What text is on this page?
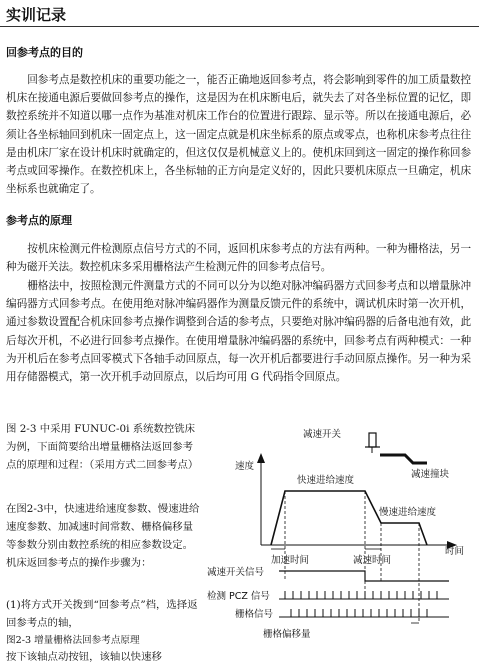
实训记录
回参考点的目的

回参考点是数控机床的重要功能之一，能否正确地返回参考点，将会影响到零件的加工质量数控机床在接通电源后要做回参考点的操作，这是因为在机床断电后，就失去了对各坐标位置的记忆，即数控系统并不知道以哪一点作为基准对机床工作台的位置进行跟踪、显示等。所以在接通电源后，必须让各坐标轴回到机床一固定点上，这一固定点就是机床坐标系的原点或零点，也称机床参考点往往是由机床厂家在设计机床时就确定的，但这仅仅是机械意义上的。使机床回到这一固定的操作称回参考点或回零操作。在数控机床上，各坐标轴的正方向是定义好的，因此只要机床原点一旦确定，机床坐标系也就确定了。

参考点的原理

按机床检测元件检测原点信号方式的不同，返回机床参考点的方法有两种。一种为栅格法，另一种为磁开关法。数控机床多采用栅格法产生检测元件的回参考点信号。

栅格法中，按照检测元件测量方式的不同可以分为以绝对脉冲编码器方式回参考点和以增量脉冲编码器方式回参考点。在使用绝对脉冲编码器作为测量反馈元件的系统中，调试机床时第一次开机，通过参数设置配合机床回参考点操作调整到合适的参考点，只要绝对脉冲编码器的后备电池有效，此后每次开机，不必进行回参考点操作。在使用增量脉冲编码器的系统中，回参考点有两种模式：一种为开机后在参考点回零模式下各轴手动回原点，每一次开机后都要进行手动回原点操作。另一种为采用存储器模式，第一次开机手动回原点，以后均可用 G 代码指令回原点。

图 2-3 中采用 FUNUC-0i 系统数控铣床为例，下面简要给出增量栅格法返回参考点的原理和过程：（采用方式二回参考点）

在图2-3中，快速进给速度参数、慢速进给速度参数、加减速时间常数、栅格偏移量等参数分别由数控系统的相应参数设定。机床返回参考点的操作步骤为：

(1)将方式开关拨到“回参考点”档，选择返回参考点的轴，

图2-3 增量栅格法回参考点原理

按下该轴点动按钮，该轴以快速移

减速开关
减速撞块
速度
时间
快速进给速度
慢速进给速度
加速时间	减速时间
减速开关信号
检测 PCZ 信号
栅格信号
栅格偏移量
